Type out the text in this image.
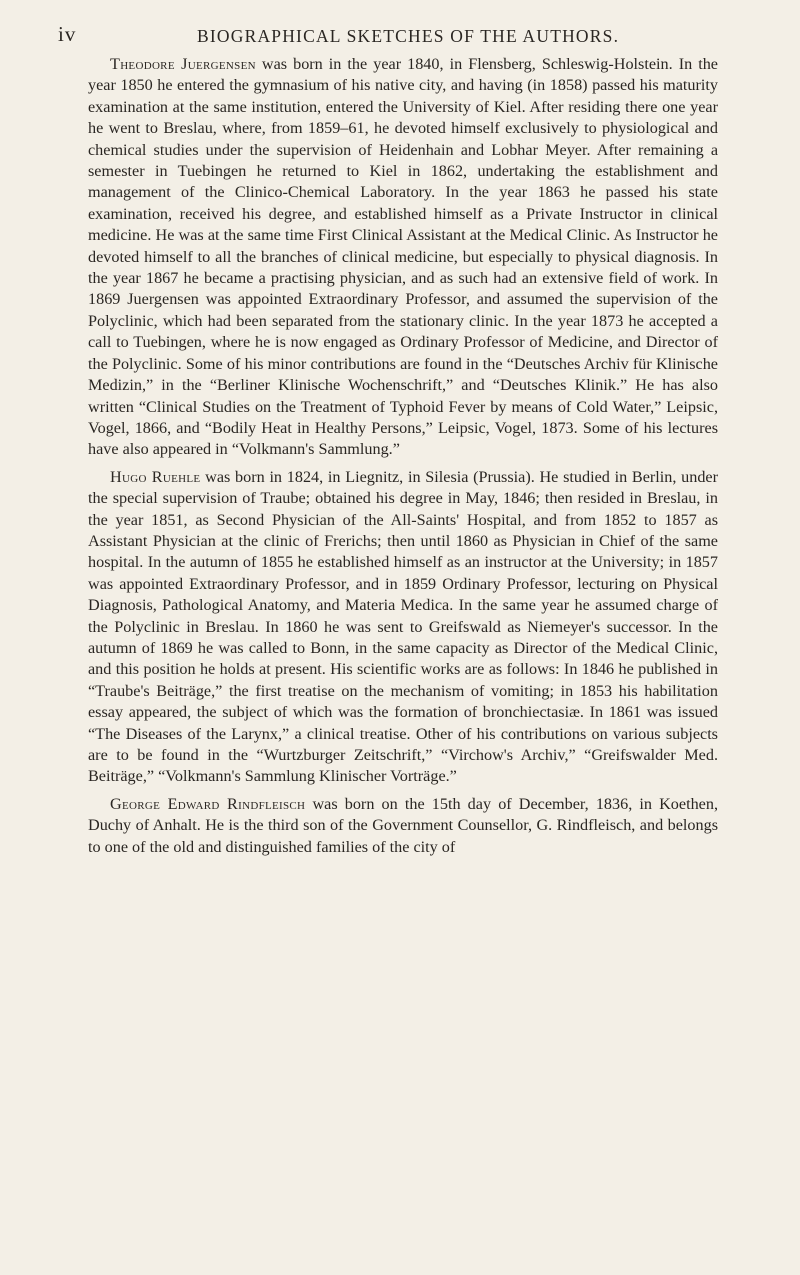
iv	BIOGRAPHICAL SKETCHES OF THE AUTHORS.

Theodore Juergensen was born in the year 1840, in Flensberg, Schleswig-Holstein. In the year 1850 he entered the gymnasium of his native city, and having (in 1858) passed his maturity examination at the same institution, entered the University of Kiel. After residing there one year he went to Breslau, where, from 1859–61, he devoted himself exclusively to physiological and chemical studies under the supervision of Heidenhain and Lobhar Meyer. After remaining a semester in Tuebingen he returned to Kiel in 1862, undertaking the establishment and management of the Clinico-Chemical Laboratory. In the year 1863 he passed his state examination, received his degree, and established himself as a Private Instructor in clinical medicine. He was at the same time First Clinical Assistant at the Medical Clinic. As Instructor he devoted himself to all the branches of clinical medicine, but especially to physical diagnosis. In the year 1867 he became a practising physician, and as such had an extensive field of work. In 1869 Juergensen was appointed Extraordinary Professor, and assumed the supervision of the Polyclinic, which had been separated from the stationary clinic. In the year 1873 he accepted a call to Tuebingen, where he is now engaged as Ordinary Professor of Medicine, and Director of the Polyclinic. Some of his minor contributions are found in the “Deutsches Archiv für Klinische Medizin,” in the “Berliner Klinische Wochenschrift,” and “Deutsches Klinik.” He has also written “Clinical Studies on the Treatment of Typhoid Fever by means of Cold Water,” Leipsic, Vogel, 1866, and “Bodily Heat in Healthy Persons,” Leipsic, Vogel, 1873. Some of his lectures have also appeared in “Volkmann's Sammlung.”

Hugo Ruehle was born in 1824, in Liegnitz, in Silesia (Prussia). He studied in Berlin, under the special supervision of Traube; obtained his degree in May, 1846; then resided in Breslau, in the year 1851, as Second Physician of the All-Saints' Hospital, and from 1852 to 1857 as Assistant Physician at the clinic of Frerichs; then until 1860 as Physician in Chief of the same hospital. In the autumn of 1855 he established himself as an instructor at the University; in 1857 was appointed Extraordinary Professor, and in 1859 Ordinary Professor, lecturing on Physical Diagnosis, Pathological Anatomy, and Materia Medica. In the same year he assumed charge of the Polyclinic in Breslau. In 1860 he was sent to Greifswald as Niemeyer's successor. In the autumn of 1869 he was called to Bonn, in the same capacity as Director of the Medical Clinic, and this position he holds at present. His scientific works are as follows: In 1846 he published in “Traube's Beiträge,” the first treatise on the mechanism of vomiting; in 1853 his habilitation essay appeared, the subject of which was the formation of bronchiectasiæ. In 1861 was issued “The Diseases of the Larynx,” a clinical treatise. Other of his contributions on various subjects are to be found in the “Wurtzburger Zeitschrift,” “Virchow's Archiv,” “Greifswalder Med. Beiträge,” “Volkmann's Sammlung Klinischer Vorträge.”

George Edward Rindfleisch was born on the 15th day of December, 1836, in Koethen, Duchy of Anhalt. He is the third son of the Government Counsellor, G. Rindfleisch, and belongs to one of the old and distinguished families of the city of
